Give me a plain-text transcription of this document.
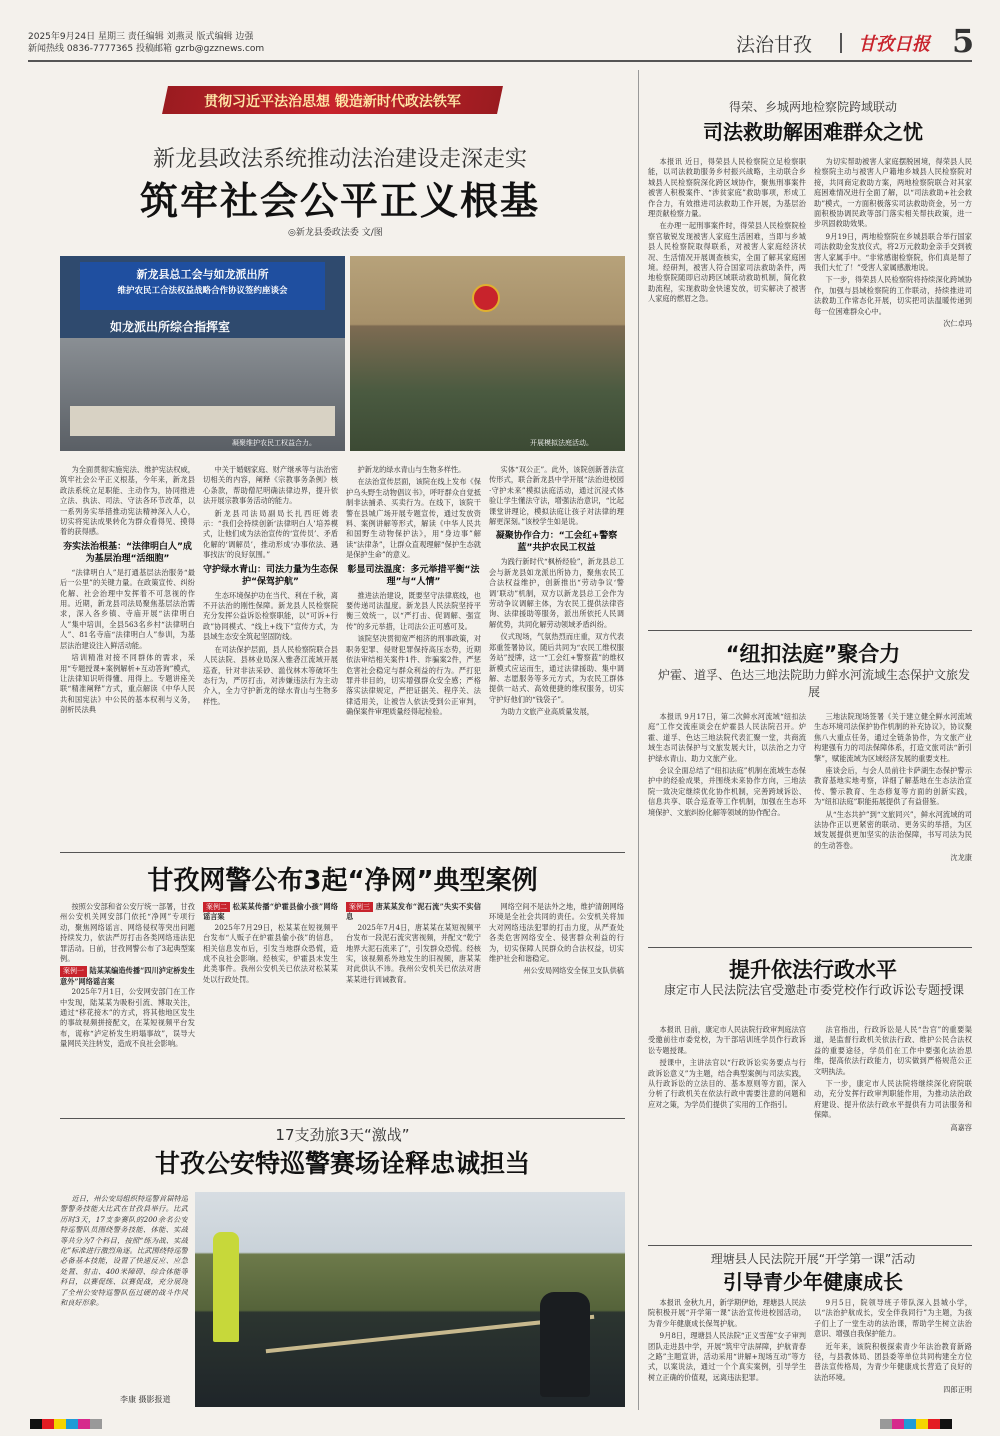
2025年9月24日 星期三 责任编辑 刘燕灵 版式编辑 边强
新闻热线 0836-7777365 投稿邮箱 gzrb@gzznews.com	法治甘孜	甘孜日报 5
贯彻习近平法治思想 锻造新时代政法铁军
新龙县政法系统推动法治建设走深走实
筑牢社会公平正义根基
◎新龙县委政法委 文/图
新龙县总工会与如龙派出所
维护农民工合法权益战略合作协议签约座谈会
如龙派出所综合指挥室
凝聚维护农民工权益合力。	开展模拟法庭活动。

为全面贯彻实施宪法、维护宪法权威，筑牢社会公平正义根基，今年来，新龙县政法系统立足职能、主动作为，协同推进立法、执法、司法、守法各环节改革，以一系列务实举措推动宪法精神深入人心，切实将宪法成果转化为群众看得见、摸得着的获得感。

夯实法治根基：“法律明白人”成为基层治理“活细胞”

“法律明白人”是打通基层法治服务“最后一公里”的关键力量。在政策宣传、纠纷化解、社会治理中发挥着不可忽视的作用。近期，新龙县司法局聚焦基层法治需求，深入各乡镇、寺庙开展“法律明白人”集中培训，全县563名乡村“法律明白人”、81名寺庙“法律明白人”参训，为基层法治建设注入鲜活动能。

培训精准对接不同群体的需求，采用“专题授课+案例解析+互动答询”模式，让法律知识听得懂、用得上。专题讲座关联“精准阐释”方式，重点解读《中华人民共和国宪法》中公民的基本权利与义务，剖析民法典

中关于婚姻家庭、财产继承等与法治密切相关的内容，阐释《宗教事务条例》核心条款，帮助僧尼明确法律边界，提升依法开展宗教事务活动的能力。

新龙县司法局副局长扎西旺姆表示：“我们会持续创新‘法律明白人’培养模式，让他们成为法治宣传的‘宣传员’、矛盾化解的‘调解员’，推动形成‘办事依法、遇事找法’的良好氛围。”

守护绿水青山：司法力量为生态保护“保驾护航”

生态环境保护功在当代、利在千秋，离不开法治的刚性保障。新龙县人民检察院充分发挥公益诉讼检察职能，以“可诉+行政”协同模式、“线上+线下”宣传方式，为县域生态安全筑起坚固防线。

在司法保护层面，县人民检察院联合县人民法院、县林业局深入雅砻江流域开展巡查，针对非法采砂、滥伐林木等破坏生态行为，严厉打击，对涉嫌违法行为主动介入，全力守护新龙的绿水青山与生物多样性。

护新龙的绿水青山与生物多样性。

在法治宣传层面，该院在线上发布《保护乌头野生动物倡议书》，呼吁群众自觉抵制非法捕杀、买卖行为。在线下，该院干警在县城广场开展专题宣传，通过发放资料、案例讲解等形式，解读《中华人民共和国野生动物保护法》，用“身边事”解读“法律条”，让群众直观理解“保护生态就是保护生命”的意义。

彰显司法温度：多元举措平衡“法理”与“人情”

推进法治建设，既要坚守法律底线，也要传递司法温度。新龙县人民法院坚持平衡三效统一，以“严打击、促调解、强宣传”的多元举措，让司法公正可感可及。

该院坚决贯彻宽严相济的刑事政策，对职务犯罪、侵财犯罪保持高压态势，近期依法审结相关案件1件、诈骗案2件，严惩危害社会稳定与群众利益的行为。严打犯罪并非目的，切实增强群众安全感；严格落实法律规定，严把证据关、程序关、法律适用关，让被告人依法受到公正审判，确保案件审理质量经得起检验。

实体“双公正”。此外，该院创新普法宣传形式，联合新龙县中学开展“法治进校园·守护未来”模拟法庭活动，通过沉浸式体验让学生懂法守法，增强法治意识，“比起课堂讲理论，模拟法庭让孩子对法律的理解更深刻。”该校学生如是说。

凝聚协作合力：“工会红+警察蓝”共护农民工权益

为践行新时代“枫桥经验”，新龙县总工会与新龙县如龙派出所协力，聚焦农民工合法权益维护，创新推出“劳动争议‘警调’联动”机制，双方以新龙县总工会作为劳动争议调解主体，为农民工提供法律咨询、法律援助等服务，派出所依托人民调解优势，共同化解劳动领域矛盾纠纷。

仪式现场，气氛热烈而庄重，双方代表郑重签署协议，随后共同为“农民工维权服务站”授牌，这一“工会红+警察蓝”的维权新模式应运而生，通过法律援助、集中调解、志愿服务等多元方式，为农民工群体提供一站式、高效便捷的维权服务，切实守护好他们的“钱袋子”。

为助力文旅产业高质量发展，

甘孜网警公布3起“净网”典型案例

按照公安部和省公安厅统一部署，甘孜州公安机关网安部门依托“净网”专项行动，聚焦网络谣言、网络侵权等突出问题持续发力，依法严厉打击各类网络违法犯罪活动。日前，甘孜网警公布了3起典型案例。

案例一 陆某某编造传播“四川泸定桥发生意外”网络谣言案

2025年7月1日，公安网安部门在工作中发现，陆某某为吸粉引流、博取关注，通过“移花接木”的方式，将其他地区发生的事故视频拼接配文，在某短视频平台发布，谎称“泸定桥发生坍塌事故”，误导大量网民关注转发，造成不良社会影响。

案例二 松某某传播“炉霍县偷小孩”网络谣言案

2025年7月29日，松某某在短视频平台发布“人贩子在炉霍县偷小孩”的信息，相关信息发布后，引发当地群众恐慌，造成不良社会影响。经核实，炉霍县未发生此类事件。我州公安机关已依法对松某某处以行政处罚。

案例三 唐某某发布“泥石流”失实不实信息

2025年7月4日，唐某某在某短视频平台发布一段泥石流灾害视频，并配文“乾宁地界大泥石流来了”，引发群众恐慌。经核实，该视频系外地发生的旧视频，唐某某对此供认不讳。我州公安机关已依法对唐某某进行训诫教育。

网络空间不是法外之地，维护清朗网络环境是全社会共同的责任。公安机关将加大对网络违法犯罪的打击力度，从严查处各类危害网络安全、侵害群众利益的行为，切实保障人民群众的合法权益，切实维护社会和谐稳定。

州公安局网络安全保卫支队供稿
17支劲旅3天“激战”
甘孜公安特巡警赛场诠释忠诚担当

近日，州公安局组织特巡警首届特巡警警务技能大比武在甘孜县举行。比武历时3天，17支参赛队的200余名公安特巡警队员围绕警务技能、体能、实战等共分为7个科目，按照“练为战、实战化”标准进行激烈角逐。比武围绕特巡警必备基本技能，设置了快速反应、应急处置、射击、400米障碍、综合体能等科目，以赛促练、以赛促战，充分展现了全州公安特巡警队伍过硬的战斗作风和良好形象。

李康 摄影报道
得荣、乡城两地检察院跨域联动
司法救助解困难群众之忧

本报讯 近日，得荣县人民检察院立足检察职能，以司法救助服务乡村振兴战略，主动联合乡城县人民检察院深化跨区域协作，聚焦刑事案件被害人积极案件、“涉贫家庭”救助事项，形成工作合力，有效推进司法救助工作开展，为基层治理贡献检察力量。

在办理一起刑事案件时，得荣县人民检察院检察官敏锐发现被害人家庭生活困难，当即与乡城县人民检察院取得联系，对被害人家庭经济状况、生活情况开展调查核实，全面了解其家庭困境。经研判，被害人符合国家司法救助条件，两地检察院随即启动跨区域联动救助机制，简化救助流程，实现救助金快速发放，切实解决了被害人家庭的燃眉之急。

为切实帮助被害人家庭摆脱困境，得荣县人民检察院主动与被害人户籍地乡城县人民检察院对接，共同商定救助方案，两地检察院联合对其家庭困难情况进行全面了解，以“司法救助+社会救助”模式，一方面积极落实司法救助资金，另一方面积极协调民政等部门落实相关帮扶政策，进一步巩固救助效果。

9月19日，两地检察院在乡城县联合举行国家司法救助金发放仪式，将2万元救助金亲手交到被害人家属手中。“非常感谢检察院，你们真是帮了我们大忙了！”受害人家属感激地说。

下一步，得荣县人民检察院将持续深化跨域协作，加强与县域检察院的工作联动，持续推进司法救助工作常态化开展，切实把司法温暖传递到每一位困难群众心中。

次仁卓玛
“纽扣法庭”聚合力
炉霍、道孚、色达三地法院助力鲜水河流域生态保护文旅发展

本报讯 9月17日，第二次鲜水河流域“纽扣法庭”工作交流座谈会在炉霍县人民法院召开。炉霍、道孚、色达三地法院代表汇聚一堂，共商流域生态司法保护与文旅发展大计，以法治之力守护绿水青山、助力文旅产业。

会议全面总结了“纽扣法庭”机制在流域生态保护中的经验成果，并围绕未来协作方向，三地法院一致决定继续优化协作机制，完善跨域诉讼、信息共享、联合巡查等工作机制，加强在生态环境保护、文旅纠纷化解等领域的协作配合。

三地法院现场签署《关于建立健全鲜水河流域生态环境司法保护协作机制的补充协议》，协议聚焦八大重点任务，通过全链条协作，为文旅产业构建强有力的司法保障体系，打造文旅司法“新引擎”，赋能流域为区域经济发展的重要支柱。

座谈会后，与会人员前往卡萨湖生态保护警示教育基地实地考察，详细了解基地在生态法治宣传、警示教育、生态修复等方面的创新实践，为“纽扣法庭”职能拓展提供了有益借鉴。

从“生态共护”到“文旅同兴”，鲜水河流域的司法协作正以更紧密的联动、更务实的举措，为区域发展提供更加坚实的法治保障，书写司法为民的生动答卷。

沈龙康
提升依法行政水平
康定市人民法院法官受邀赴市委党校作行政诉讼专题授课

本报讯 日前，康定市人民法院行政审判庭法官受邀前往市委党校，为干部培训班学员作行政诉讼专题授课。

授课中，主讲法官以“行政诉讼实务要点与行政诉讼意义”为主题，结合典型案例与司法实践，从行政诉讼的立法目的、基本原则等方面，深入分析了行政机关在依法行政中需要注意的问题和应对之策，为学员们提供了实用的工作指引。

法官指出，行政诉讼是人民“告官”的重要渠道，是监督行政机关依法行政、维护公民合法权益的重要途径，学员们在工作中要强化法治思维，提高依法行政能力，切实做到严格规范公正文明执法。

下一步，康定市人民法院将继续深化府院联动，充分发挥行政审判职能作用，为推动法治政府建设、提升依法行政水平提供有力司法服务和保障。

高嘉容
理塘县人民法院开展“开学第一课”活动
引导青少年健康成长

本报讯 金秋九月，新学期伊始，理塘县人民法院积极开展“开学第一课”法治宣传进校园活动，为青少年健康成长保驾护航。

9月8日，理塘县人民法院“正义雪莲”女子审判团队走进县中学，开展“筑牢守法屏障，护航青春之路”主题宣讲，活动采用“讲解+现场互动”等方式，以案说法，通过一个个真实案例，引导学生树立正确的价值观，远离违法犯罪。

9月5日，院领导班子带队深入县城小学，以“法治护航成长，安全伴我同行”为主题，为孩子们上了一堂生动的法治课，帮助学生树立法治意识、增强自我保护能力。

近年来，该院积极探索青少年法治教育新路径，与县教体局、团县委等单位共同构建全方位普法宣传格局，为青少年健康成长营造了良好的法治环境。

四郎正明
